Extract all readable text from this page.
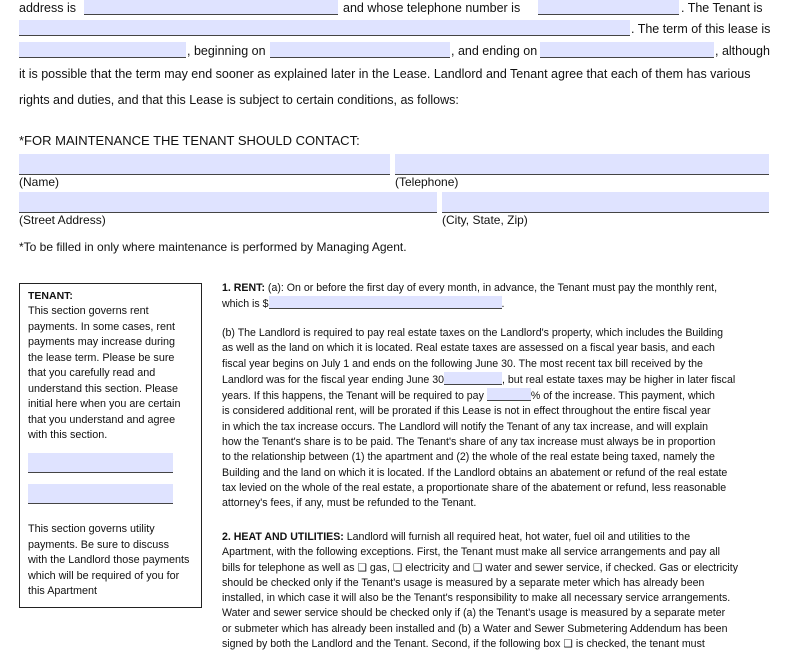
address is	and whose telephone number is	. The Tenant is
. The term of this lease is
, beginning on	, and ending on	, although
it is possible that the term may end sooner as explained later in the Lease. Landlord and Tenant agree that each of them has various
rights and duties, and that this Lease is subject to certain conditions, as follows:
*FOR MAINTENANCE THE TENANT SHOULD CONTACT:
(Name)	(Telephone)
(Street Address)	(City, State, Zip)
*To be filled in only where maintenance is performed by Managing Agent.
TENANT:
This section governs rent
payments. In some cases, rent
payments may increase during
the lease term. Please be sure
that you carefully read and
understand this section. Please
initial here when you are certain
that you understand and agree
with this section.
This section governs utility
payments. Be sure to discuss
with the Landlord those payments
which will be required of you for
this Apartment

1. RENT: (a): On or before the first day of every month, in advance, the Tenant must pay the monthly rent,

which is $	.

(b) The Landlord is required to pay real estate taxes on the Landlord's property, which includes the Building

as well as the land on which it is located. Real estate taxes are assessed on a fiscal year basis, and each

fiscal year begins on July 1 and ends on the following June 30. The most recent tax bill received by the

Landlord was for the fiscal year ending June 30	, but real estate taxes may be higher in later fiscal

years. If this happens, the Tenant will be required to pay	% of the increase. This payment, which

is considered additional rent, will be prorated if this Lease is not in effect throughout the entire fiscal year

in which the tax increase occurs. The Landlord will notify the Tenant of any tax increase, and will explain

how the Tenant's share is to be paid. The Tenant's share of any tax increase must always be in proportion

to the relationship between (1) the apartment and (2) the whole of the real estate being taxed, namely the

Building and the land on which it is located. If the Landlord obtains an abatement or refund of the real estate

tax levied on the whole of the real estate, a proportionate share of the abatement or refund, less reasonable

attorney's fees, if any, must be refunded to the Tenant.

2. HEAT AND UTILITIES: Landlord will furnish all required heat, hot water, fuel oil and utilities to the

Apartment, with the following exceptions. First, the Tenant must make all service arrangements and pay all

bills for telephone as well as ❑ gas, ❑ electricity and ❑ water and sewer service, if checked. Gas or electricity

should be checked only if the Tenant's usage is measured by a separate meter which has already been

installed, in which case it will also be the Tenant's responsibility to make all necessary service arrangements.

Water and sewer service should be checked only if (a) the Tenant's usage is measured by a separate meter

or submeter which has already been installed and (b) a Water and Sewer Submetering Addendum has been

signed by both the Landlord and the Tenant. Second, if the following box ❑ is checked, the tenant must
